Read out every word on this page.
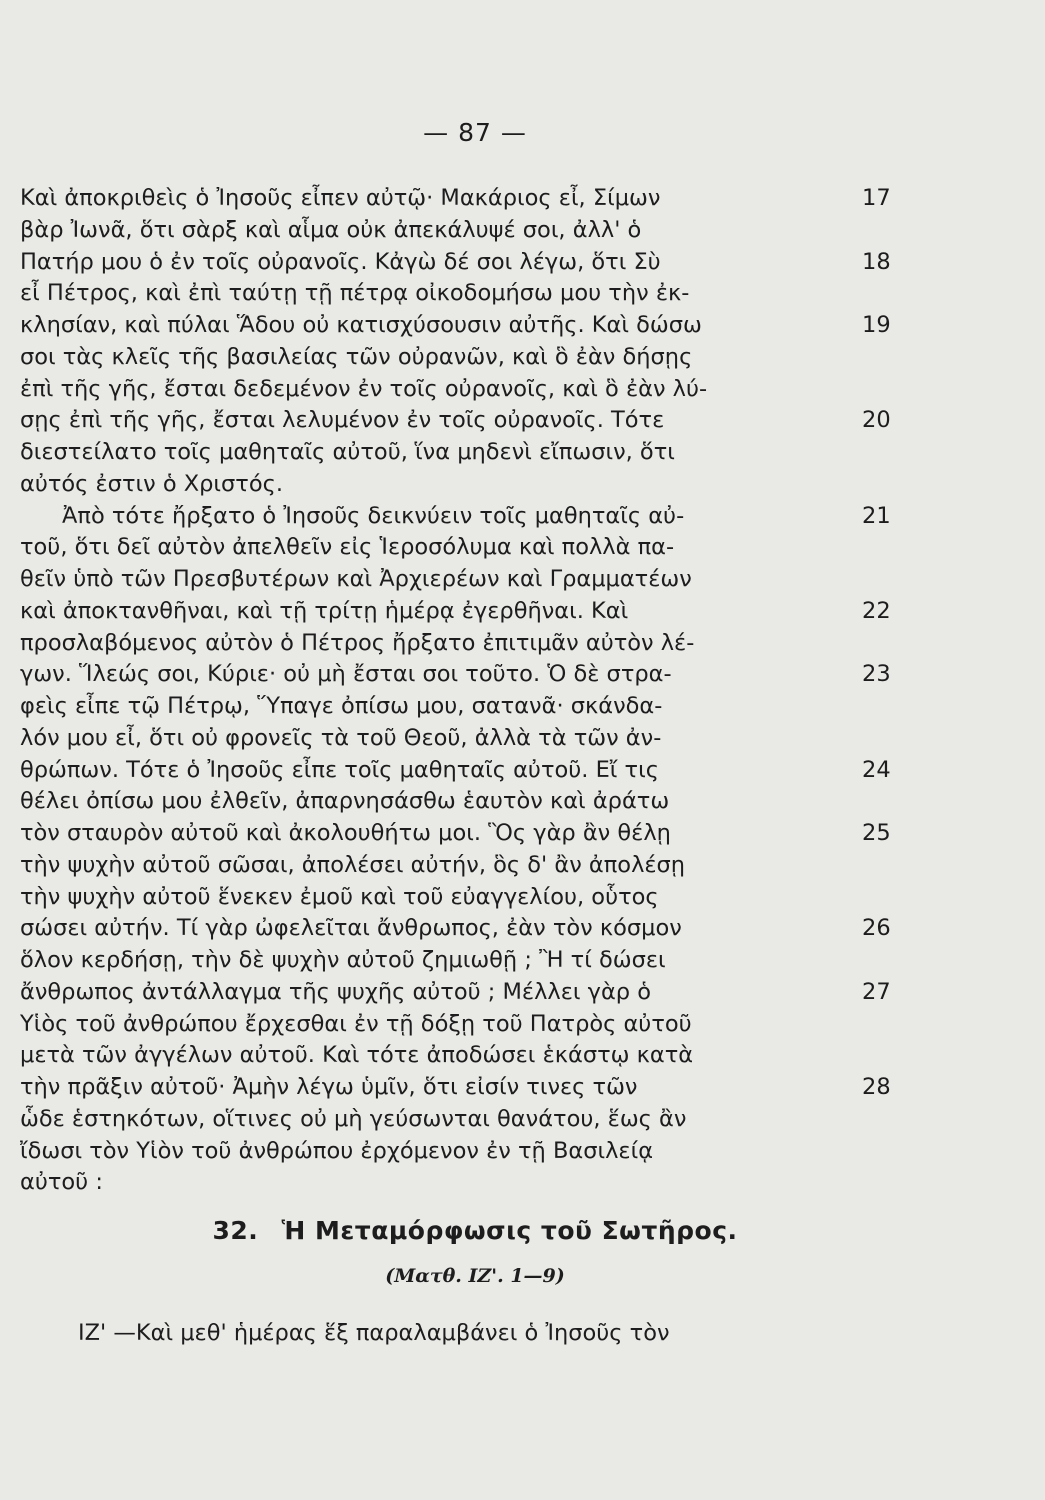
— 87 —
Καὶ ἀποκριθεὶς ὁ Ἰησοῦς εἶπεν αὐτῷ· Μακάριος εἶ, Σίμων	17
βὰρ Ἰωνᾶ, ὅτι σὰρξ καὶ αἷμα οὐκ ἀπεκάλυψέ σοι, ἀλλ' ὁ
Πατήρ μου ὁ ἐν τοῖς οὐρανοῖς. Κἀγὼ δέ σοι λέγω, ὅτι Σὺ	18
εἶ Πέτρος, καὶ ἐπὶ ταύτῃ τῇ πέτρᾳ οἰκοδομήσω μου τὴν ἐκ-
κλησίαν, καὶ πύλαι Ἅδου οὐ κατισχύσουσιν αὐτῆς. Καὶ δώσω	19
σοι τὰς κλεῖς τῆς βασιλείας τῶν οὐρανῶν, καὶ ὃ ἐὰν δήσῃς
ἐπὶ τῆς γῆς, ἔσται δεδεμένον ἐν τοῖς οὐρανοῖς, καὶ ὃ ἐὰν λύ-
σῃς ἐπὶ τῆς γῆς, ἔσται λελυμένον ἐν τοῖς οὐρανοῖς. Τότε	20
διεστείλατο τοῖς μαθηταῖς αὐτοῦ, ἵνα μηδενὶ εἴπωσιν, ὅτι
αὐτός ἐστιν ὁ Χριστός.
Ἀπὸ τότε ἤρξατο ὁ Ἰησοῦς δεικνύειν τοῖς μαθηταῖς αὐ-	21
τοῦ, ὅτι δεῖ αὐτὸν ἀπελθεῖν εἰς Ἱεροσόλυμα καὶ πολλὰ πα-
θεῖν ὑπὸ τῶν Πρεσβυτέρων καὶ Ἀρχιερέων καὶ Γραμματέων
καὶ ἀποκτανθῆναι, καὶ τῇ τρίτῃ ἡμέρᾳ ἐγερθῆναι. Καὶ	22
προσλαβόμενος αὐτὸν ὁ Πέτρος ἤρξατο ἐπιτιμᾶν αὐτὸν λέ-
γων. Ἵλεώς σοι, Κύριε· οὐ μὴ ἔσται σοι τοῦτο. Ὁ δὲ στρα-	23
φεὶς εἶπε τῷ Πέτρῳ, Ὕπαγε ὀπίσω μου, σατανᾶ· σκάνδα-
λόν μου εἶ, ὅτι οὐ φρονεῖς τὰ τοῦ Θεοῦ, ἀλλὰ τὰ τῶν ἀν-
θρώπων. Τότε ὁ Ἰησοῦς εἶπε τοῖς μαθηταῖς αὐτοῦ. Εἴ τις	24
θέλει ὀπίσω μου ἐλθεῖν, ἀπαρνησάσθω ἑαυτὸν καὶ ἀράτω
τὸν σταυρὸν αὐτοῦ καὶ ἀκολουθήτω μοι. Ὃς γὰρ ἂν θέλῃ	25
τὴν ψυχὴν αὐτοῦ σῶσαι, ἀπολέσει αὐτήν, ὃς δ' ἂν ἀπολέσῃ
τὴν ψυχὴν αὐτοῦ ἕνεκεν ἐμοῦ καὶ τοῦ εὐαγγελίου, οὗτος
σώσει αὐτήν. Τί γὰρ ὠφελεῖται ἄνθρωπος, ἐὰν τὸν κόσμον	26
ὅλον κερδήσῃ, τὴν δὲ ψυχὴν αὐτοῦ ζημιωθῇ ; Ἢ τί δώσει
ἄνθρωπος ἀντάλλαγμα τῆς ψυχῆς αὐτοῦ ; Μέλλει γὰρ ὁ	27
Υἱὸς τοῦ ἀνθρώπου ἔρχεσθαι ἐν τῇ δόξῃ τοῦ Πατρὸς αὐτοῦ
μετὰ τῶν ἀγγέλων αὐτοῦ. Καὶ τότε ἀποδώσει ἑκάστῳ κατὰ
τὴν πρᾶξιν αὐτοῦ· Ἀμὴν λέγω ὑμῖν, ὅτι εἰσίν τινες τῶν	28
ὧδε ἑστηκότων, οἵτινες οὐ μὴ γεύσωνται θανάτου, ἕως ἂν
ἴδωσι τὸν Υἱὸν τοῦ ἀνθρώπου ἐρχόμενον ἐν τῇ Βασιλείᾳ
αὐτοῦ :
32. Ἡ Μεταμόρφωσις τοῦ Σωτῆρος.
(Ματθ. ΙΖ'. 1—9)
ΙΖ' —Καὶ μεθ' ἡμέρας ἕξ παραλαμβάνει ὁ Ἰησοῦς τὸν
